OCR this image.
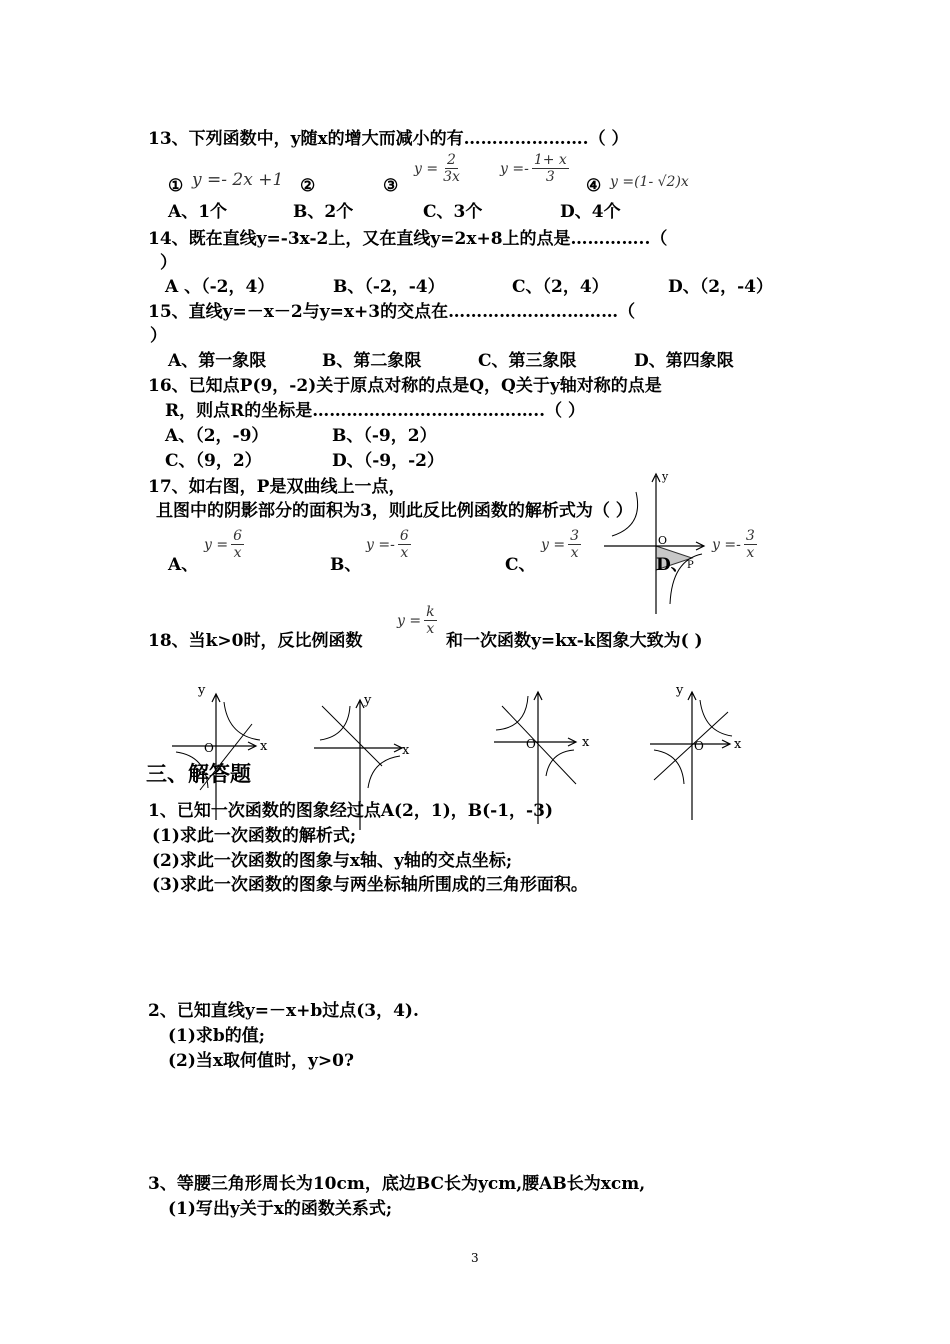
13、下列函数中，y随x的增大而减小的有………………….（ ）
① y =- 2x +1 ②	③
$y = \frac{2}{3x}$	y =-
1+ x
3 ④ y =(1- √2)x
A、1个	B、2个	C、3个	D、4个
14、既在直线y=-3x-2上，又在直线y=2x+8上的点是…………..（
）
A 、（-2，4）	B、（-2，-4）	C、（2，4）	D、（2，-4）
15、直线y=－x－2与y=x+3的交点在…………………………（
）
A、第一象限	B、第二象限	C、第三象限	D、第四象限
16、已知点P(9，-2)关于原点对称的点是Q，Q关于y轴对称的点是
R，则点R的坐标是…………………………………..（ ）
A、（2，-9）	B、（-9，2）
C、（9，2）	D、（-9，-2）
17、如右图，P是双曲线上一点，
且图中的阴影部分的面积为3，则此反比例函数的解析式为（ ）
y
O
P
A、
$y = \frac{6}{x}$
B、
y =-
6
x
C、
$y = \frac{3}{x}$
D、
y =-
3
x
18、当k>0时，反比例函数
$y = \frac{k}{x}$
和一次函数y=kx-k图象大致为( )
y
O	x
y
x	O	x
y
O x
三、解答题
1、已知一次函数的图象经过点A(2，1)，B(-1，-3)
(1)求此一次函数的解析式;
(2)求此一次函数的图象与x轴、y轴的交点坐标;
(3)求此一次函数的图象与两坐标轴所围成的三角形面积。
2、已知直线y=－x+b过点(3，4).
(1)求b的值;
(2)当x取何值时，y>0?
3、等腰三角形周长为10cm，底边BC长为ycm,腰AB长为xcm,
(1)写出y关于x的函数关系式;
3
